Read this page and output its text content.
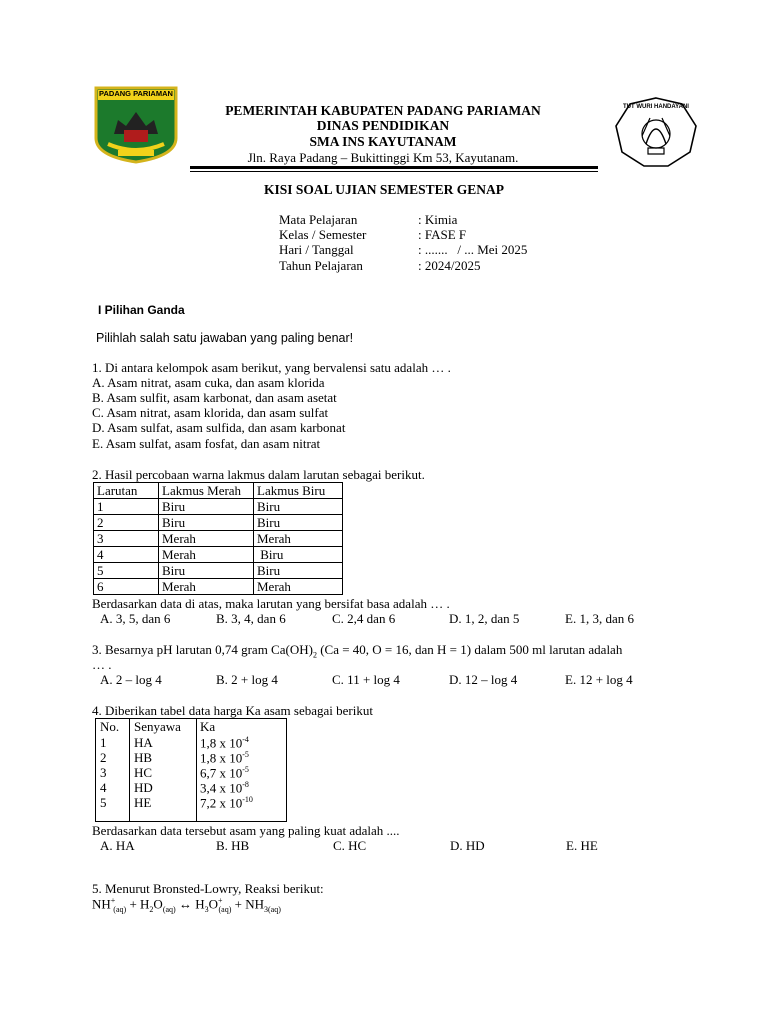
PADANG PARIAMAN
TUT WURI HANDAYANI
PEMERINTAH KABUPATEN PADANG PARIAMAN
DINAS PENDIDIKAN
SMA INS KAYUTANAM
Jln. Raya Padang – Bukittinggi Km 53, Kayutanam.
KISI SOAL UJIAN SEMESTER GENAP
Mata Pelajaran	: Kimia
Kelas / Semester	: FASE F
Hari / Tanggal	: .......   / ... Mei 2025
Tahun Pelajaran	: 2024/2025
I Pilihan Ganda
Pilihlah salah satu jawaban yang paling benar!
1. Di antara kelompok asam berikut, yang bervalensi satu adalah … .
A. Asam nitrat, asam cuka, dan asam klorida
B. Asam sulfit, asam karbonat, dan asam asetat
C. Asam nitrat, asam klorida, dan asam sulfat
D. Asam sulfat, asam sulfida, dan asam karbonat
E. Asam sulfat, asam fosfat, dan asam nitrat
2. Hasil percobaan warna lakmus dalam larutan sebagai berikut.
Larutan	Lakmus Merah	Lakmus Biru
1	Biru	Biru
2	Biru	Biru
3	Merah	Merah
4	Merah	Biru
5	Biru	Biru
6	Merah	Merah
Berdasarkan data di atas, maka larutan yang bersifat basa adalah … .
A. 3, 5, dan 6	B. 3, 4, dan 6	C. 2,4 dan 6	D. 1, 2, dan 5	E. 1, 3, dan 6
3. Besarnya pH larutan 0,74 gram $Ca(OH)_2$ (Ca = 40, O = 16, dan H = 1) dalam 500 ml larutan adalah
… .
A. 2 – log 4	B. 2 + log 4	C. 11 + log 4	D. 12 – log 4	E. 12 + log 4
4. Diberikan tabel data harga Ka asam sebagai berikut
No. Senyawa Ka
1 HA	1,8 x $10^{-4}$
2 HB	1,8 x $10^{-5}$
3 HC	6,7 x $10^{-5}$
4 HD	3,4 x $10^{-8}$
5 HE	7,2 x $10^{-10}$
Berdasarkan data tersebut asam yang paling kuat adalah ....
A. HA	B. HB	C. HC	D. HD	E. HE
5. Menurut Bronsted-Lowry, Reaksi berikut:
NH+ $_{(aq)} + H_2O_{(aq)}$ ↔ $H_3O^+_{(aq)} + NH_{3(aq)}$
